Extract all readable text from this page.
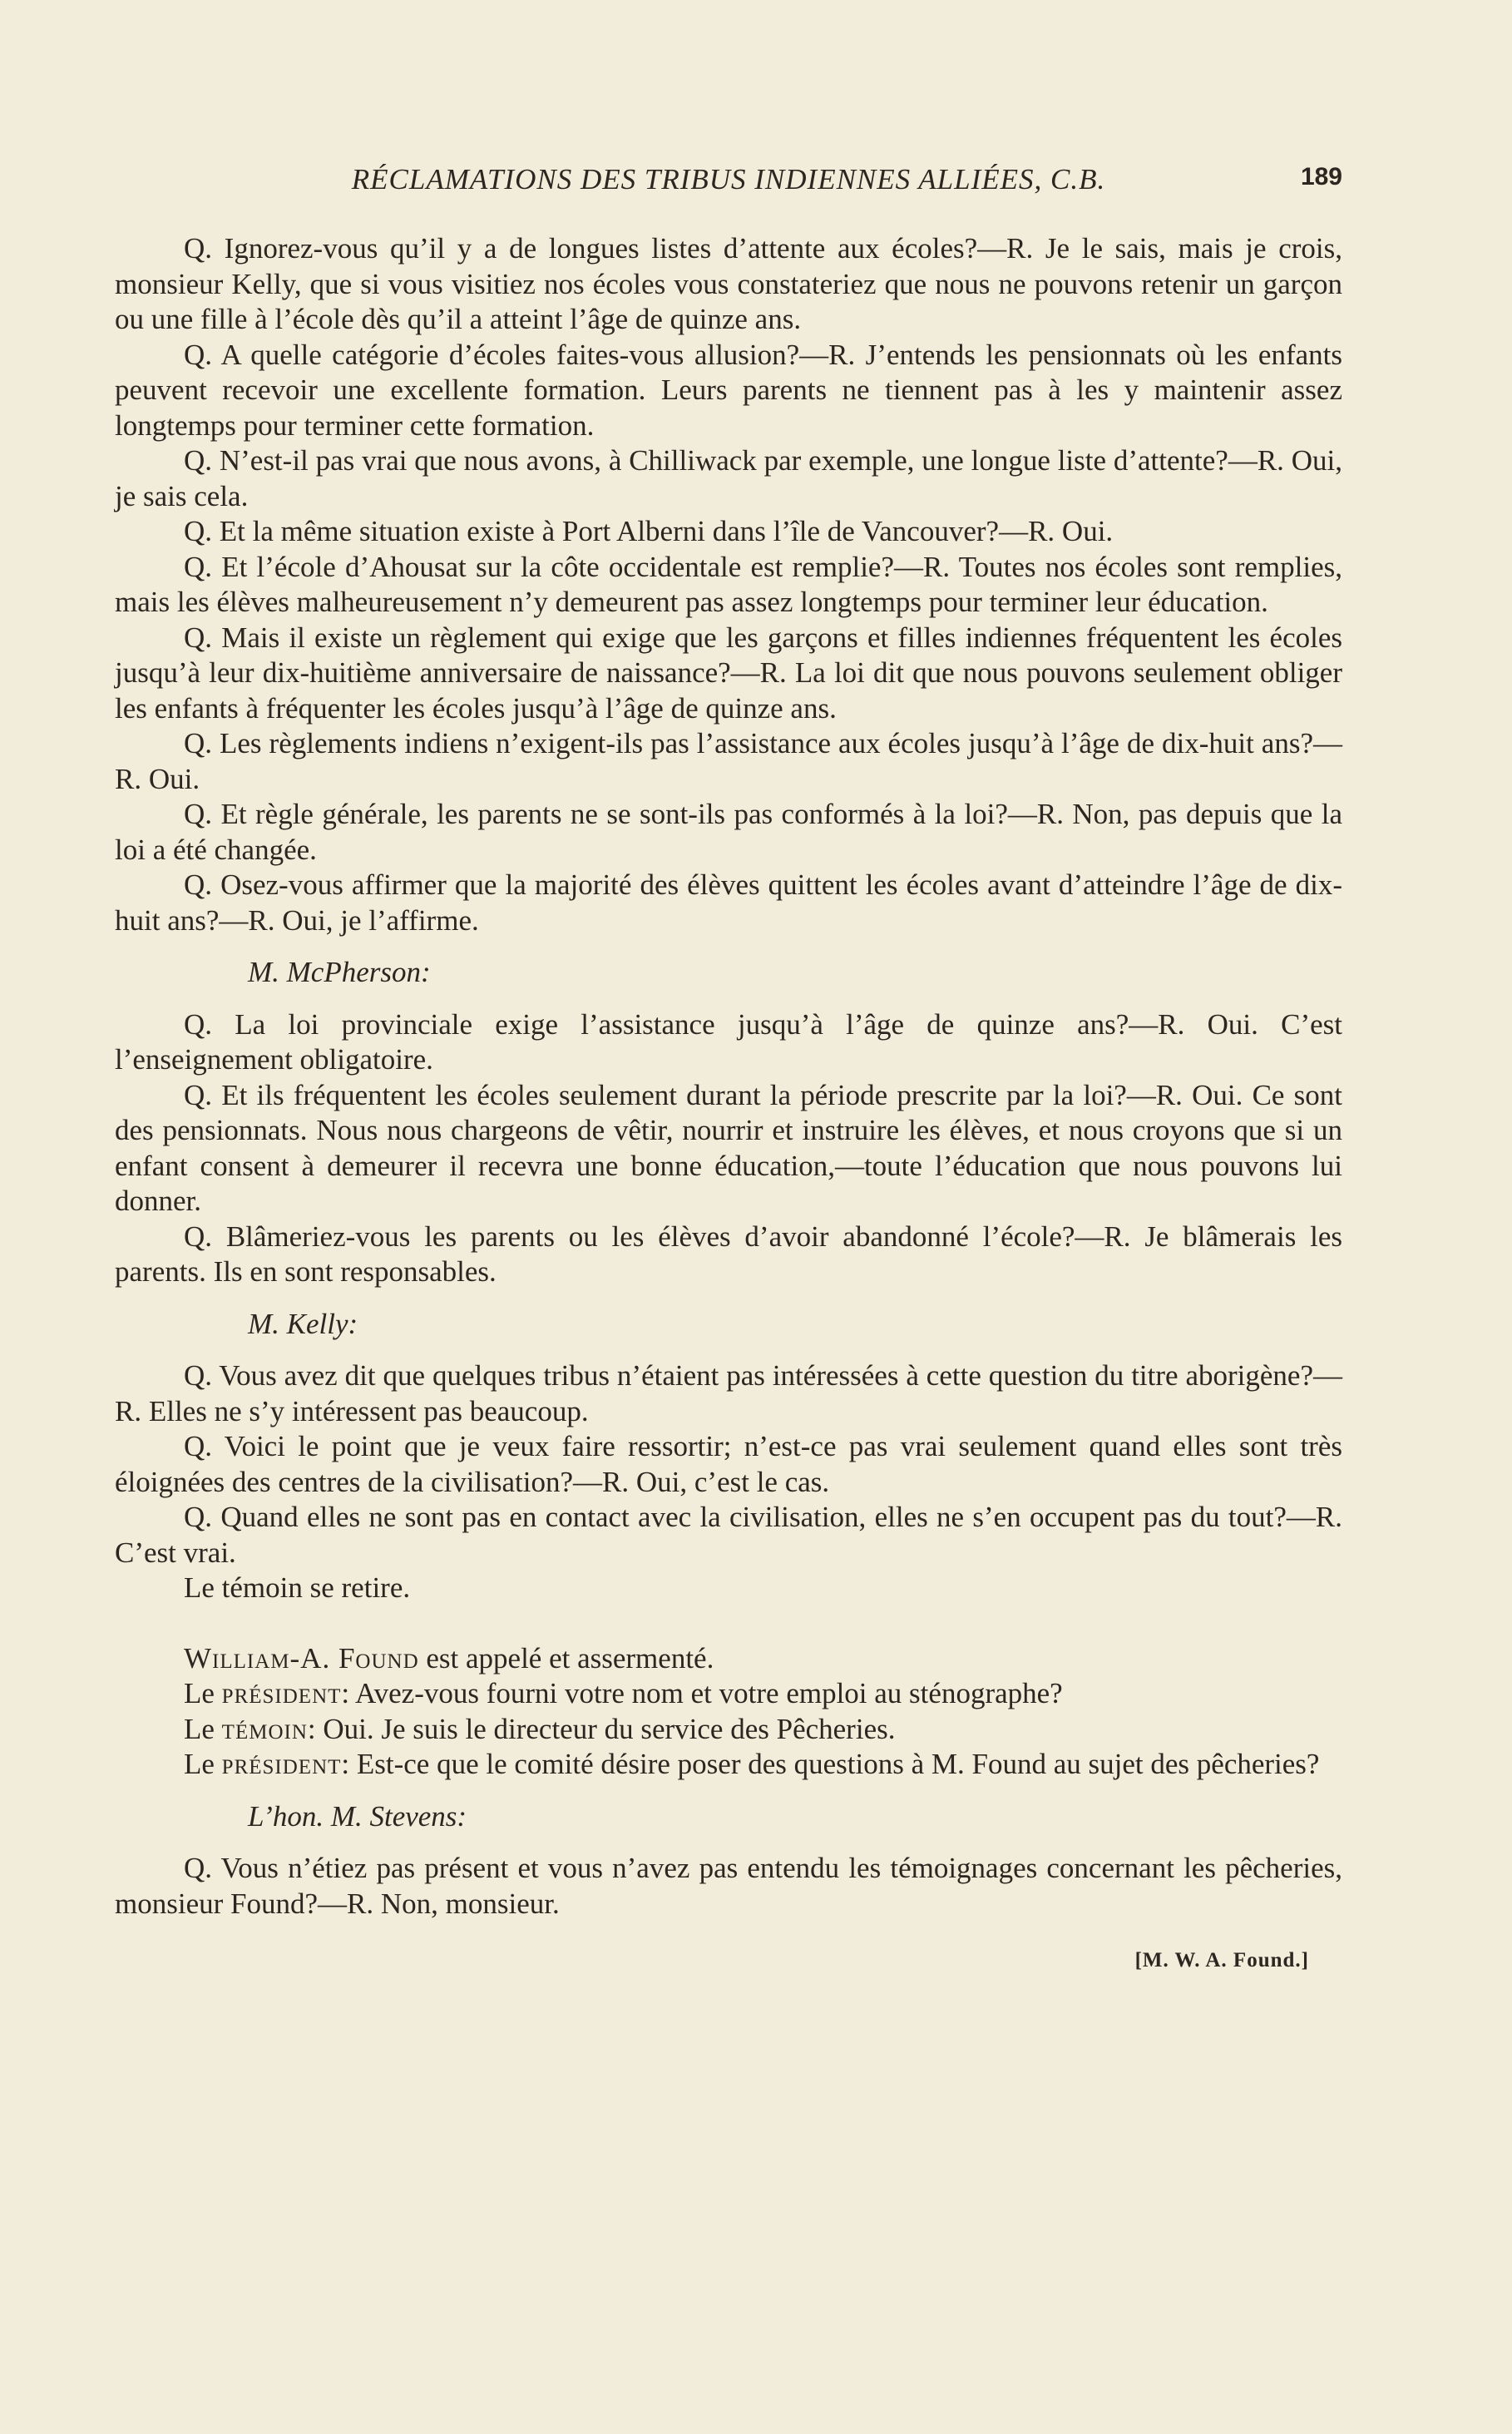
RÉCLAMATIONS DES TRIBUS INDIENNES ALLIÉES, C.B.	189

Q. Ignorez-vous qu’il y a de longues listes d’attente aux écoles?—R. Je le sais, mais je crois, monsieur Kelly, que si vous visitiez nos écoles vous constateriez que nous ne pouvons retenir un garçon ou une fille à l’école dès qu’il a atteint l’âge de quinze ans.

Q. A quelle catégorie d’écoles faites-vous allusion?—R. J’entends les pensionnats où les enfants peuvent recevoir une excellente formation. Leurs parents ne tiennent pas à les y maintenir assez longtemps pour terminer cette formation.

Q. N’est-il pas vrai que nous avons, à Chilliwack par exemple, une longue liste d’attente?—R. Oui, je sais cela.

Q. Et la même situation existe à Port Alberni dans l’île de Vancouver?—R. Oui.

Q. Et l’école d’Ahousat sur la côte occidentale est remplie?—R. Toutes nos écoles sont remplies, mais les élèves malheureusement n’y demeurent pas assez longtemps pour terminer leur éducation.

Q. Mais il existe un règlement qui exige que les garçons et filles indiennes fréquentent les écoles jusqu’à leur dix-huitième anniversaire de naissance?—R. La loi dit que nous pouvons seulement obliger les enfants à fréquenter les écoles jusqu’à l’âge de quinze ans.

Q. Les règlements indiens n’exigent-ils pas l’assistance aux écoles jusqu’à l’âge de dix-huit ans?—R. Oui.

Q. Et règle générale, les parents ne se sont-ils pas conformés à la loi?—R. Non, pas depuis que la loi a été changée.

Q. Osez-vous affirmer que la majorité des élèves quittent les écoles avant d’atteindre l’âge de dix-huit ans?—R. Oui, je l’affirme.

M. McPherson:

Q. La loi provinciale exige l’assistance jusqu’à l’âge de quinze ans?—R. Oui. C’est l’enseignement obligatoire.

Q. Et ils fréquentent les écoles seulement durant la période prescrite par la loi?—R. Oui. Ce sont des pensionnats. Nous nous chargeons de vêtir, nourrir et instruire les élèves, et nous croyons que si un enfant consent à demeurer il recevra une bonne éducation,—toute l’éducation que nous pouvons lui donner.

Q. Blâmeriez-vous les parents ou les élèves d’avoir abandonné l’école?—R. Je blâmerais les parents. Ils en sont responsables.

M. Kelly:

Q. Vous avez dit que quelques tribus n’étaient pas intéressées à cette question du titre aborigène?—R. Elles ne s’y intéressent pas beaucoup.

Q. Voici le point que je veux faire ressortir; n’est-ce pas vrai seulement quand elles sont très éloignées des centres de la civilisation?—R. Oui, c’est le cas.

Q. Quand elles ne sont pas en contact avec la civilisation, elles ne s’en occupent pas du tout?—R. C’est vrai.

Le témoin se retire.

William-A. Found est appelé et assermenté.

Le président: Avez-vous fourni votre nom et votre emploi au sténographe?

Le témoin: Oui. Je suis le directeur du service des Pêcheries.

Le président: Est-ce que le comité désire poser des questions à M. Found au sujet des pêcheries?

L’hon. M. Stevens:

Q. Vous n’étiez pas présent et vous n’avez pas entendu les témoignages concernant les pêcheries, monsieur Found?—R. Non, monsieur.

[M. W. A. Found.]
